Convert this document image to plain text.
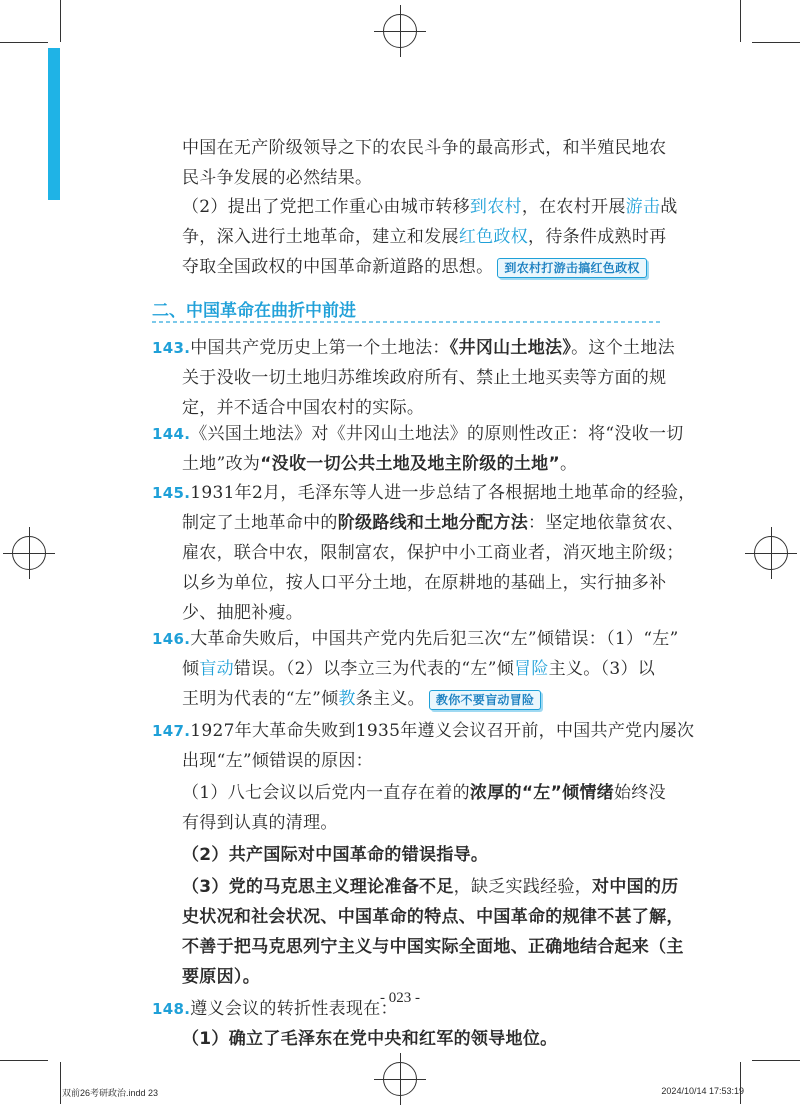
中国在无产阶级领导之下的农民斗争的最高形式，和半殖民地农
民斗争发展的必然结果。
（2）提出了党把工作重心由城市转移到农村，在农村开展游击战
争，深入进行土地革命，建立和发展红色政权，待条件成熟时再
夺取全国政权的中国革命新道路的思想。 到农村打游击搞红色政权
二、中国革命在曲折中前进
143.中国共产党历史上第一个土地法：《井冈山土地法》。这个土地法
关于没收一切土地归苏维埃政府所有、禁止土地买卖等方面的规
定，并不适合中国农村的实际。
144.《兴国土地法》对《井冈山土地法》的原则性改正：将“没收一切
土地”改为“没收一切公共土地及地主阶级的土地”。
145.1931年2月，毛泽东等人进一步总结了各根据地土地革命的经验，
制定了土地革命中的阶级路线和土地分配方法：坚定地依靠贫农、
雇农，联合中农，限制富农，保护中小工商业者，消灭地主阶级；
以乡为单位，按人口平分土地，在原耕地的基础上，实行抽多补
少、抽肥补瘦。
146.大革命失败后，中国共产党内先后犯三次“左”倾错误：（1）“左”
倾盲动错误。（2）以李立三为代表的“左”倾冒险主义。（3）以
王明为代表的“左”倾教条主义。 教你不要盲动冒险
147.1927年大革命失败到1935年遵义会议召开前，中国共产党内屡次
出现“左”倾错误的原因：
（1）八七会议以后党内一直存在着的浓厚的“左”倾情绪始终没
有得到认真的清理。
（2）共产国际对中国革命的错误指导。
（3）党的马克思主义理论准备不足，缺乏实践经验，对中国的历
史状况和社会状况、中国革命的特点、中国革命的规律不甚了解，
不善于把马克思列宁主义与中国实际全面地、正确地结合起来（主
要原因）。
148.遵义会议的转折性表现在：
（1）确立了毛泽东在党中央和红军的领导地位。
- 023 -
双前26考研政治.indd 23	2024/10/14 17:53:19
